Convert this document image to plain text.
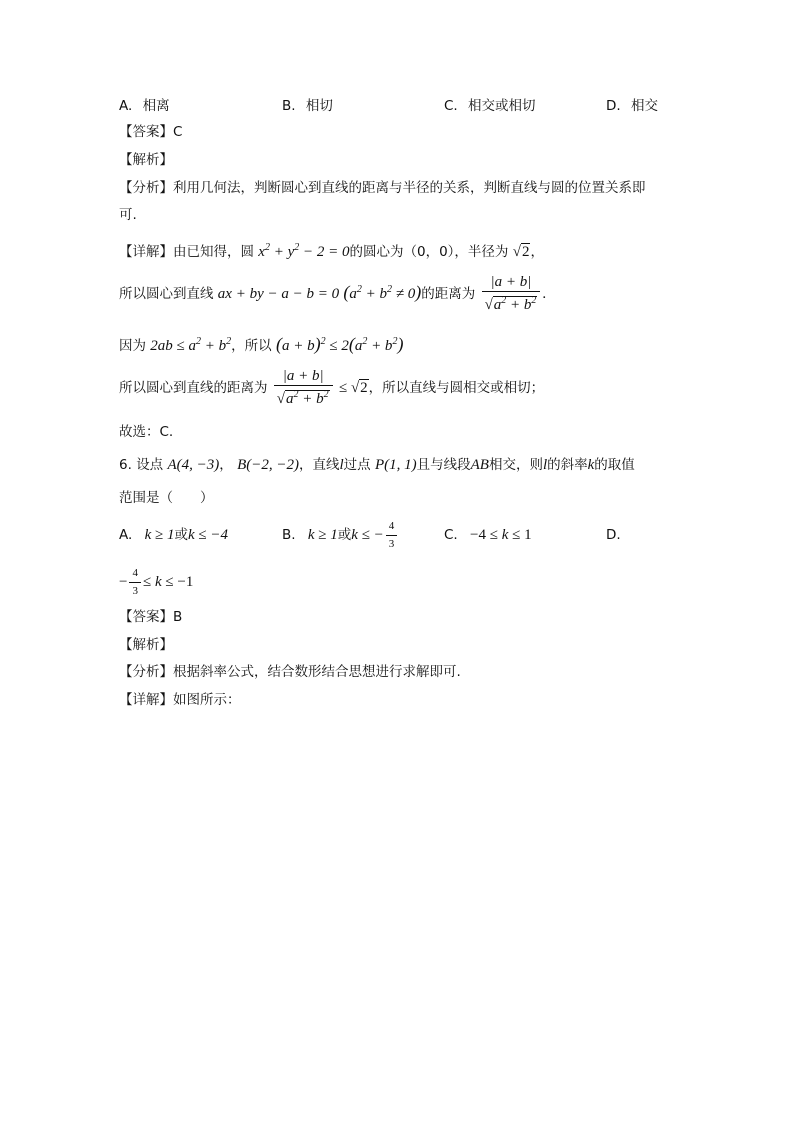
A. 相离	B. 相切	C. 相交或相切	D. 相交
【答案】C
【解析】
【分析】利用几何法，判断圆心到直线的距离与半径的关系，判断直线与圆的位置关系即
可.
【详解】由已知得，圆 $x^2 + y^2 - 2 = 0$的圆心为（0，0），半径为 √2，
所以圆心到直线 ax + by − a − b = 0 $(a^2 + b^2 \ne 0)$的距离为 $\frac{|a + b|}{√a^2 + b^2}$ .
因为 $2ab \le a^2 + b^2$，所以 $(a + b)^2 \le 2(a^2 + b^2)$
所以圆心到直线的距离为 $\frac{|a + b|}{√a^2 + b^2} \le √2$，所以直线与圆相交或相切；
故选：C.
6. 设点 A(4, −3)， B(−2, −2)，直线l过点 P(1, 1)且与线段AB相交，则l的斜率k的取值
范围是（　　）
A. k ≥ 1或k ≤ −4	B. k ≥ 1或k ≤ − $\frac{4}{3}$	C. −4 ≤ k ≤ 1	D.
− $\frac{4}{3} \le k \le -1$
【答案】B
【解析】
【分析】根据斜率公式，结合数形结合思想进行求解即可.
【详解】如图所示：
